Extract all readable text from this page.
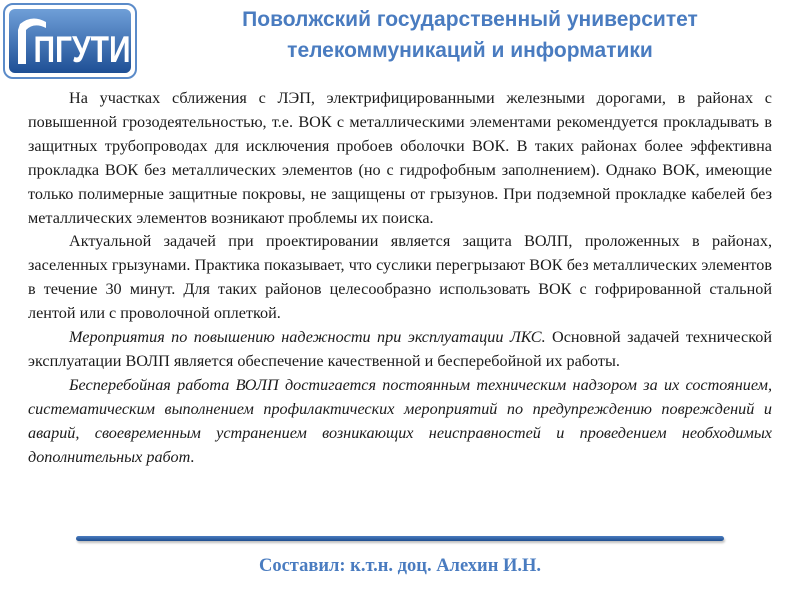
ПГУТИ
Поволжский государственный университет
телекоммуникаций и информатики

На участках сближения с ЛЭП, электрифицированными железными дорогами, в районах с повышенной грозодеятельностью, т.е. ВОК с металлическими элементами рекомендуется прокладывать в защитных трубопроводах для исключения пробоев оболочки ВОК. В таких районах более эффективна прокладка ВОК без металлических элементов (но с гидрофобным заполнением). Однако ВОК, имеющие только полимерные защитные покровы, не защищены от грызунов. При подземной прокладке кабелей без металлических элементов возникают проблемы их поиска.

Актуальной задачей при проектировании является защита ВОЛП, проложенных в районах, заселенных грызунами. Практика показывает, что суслики перегрызают ВОК без металлических элементов в течение 30 минут. Для таких районов целесообразно использовать ВОК с гофрированной стальной лентой или с проволочной оплеткой.

Мероприятия по повышению надежности при эксплуатации ЛКС. Основной задачей технической эксплуатации ВОЛП является обеспечение качественной и бесперебойной их работы.

Бесперебойная работа ВОЛП достигается постоянным техническим надзором за их состоянием, систематическим выполнением профилактических мероприятий по предупреждению повреждений и аварий, своевременным устранением возникающих неисправностей и проведением необходимых дополнительных работ.

Составил: к.т.н. доц. Алехин И.Н.
